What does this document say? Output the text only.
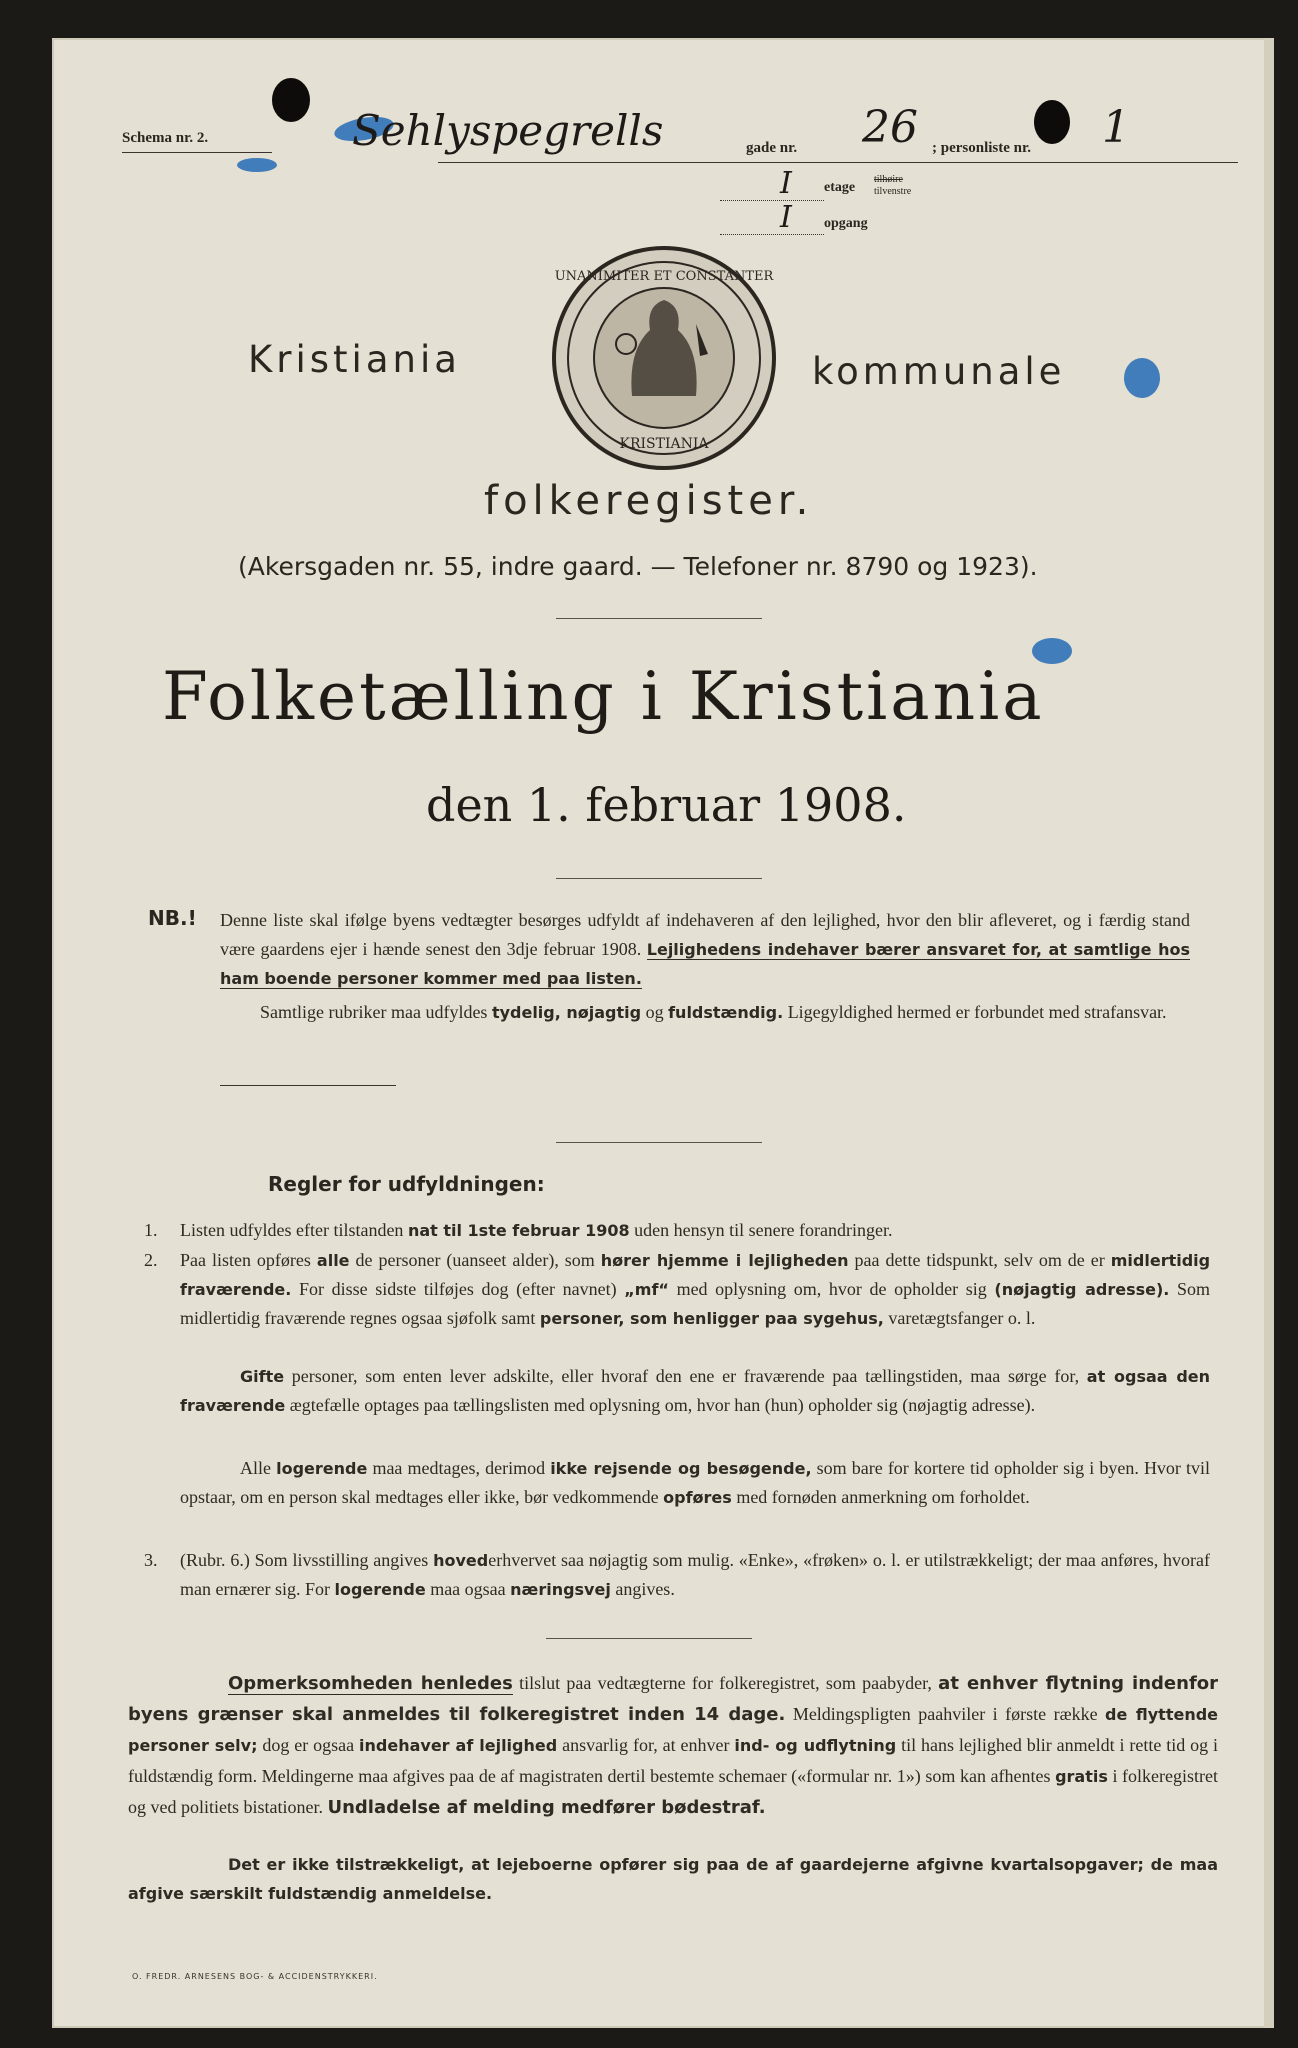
Schema nr. 2.	Sehlyspegrells	gade nr. 26 ; personliste nr. 1
I etage
tilhøire
tilvenstre
I opgang
Kristiania	kommunale
UNANIMITER ET CONSTANTER
KRISTIANIA
folkeregister.
(Akersgaden nr. 55, indre gaard. — Telefoner nr. 8790 og 1923).
Folketælling i Kristiania
den 1. februar 1908.
NB.! Denne liste skal ifølge byens vedtægter besørges udfyldt af indehaveren af den lejlighed, hvor den blir afleveret, og i færdig stand være gaardens ejer i hænde senest den 3dje februar 1908. Lejlighedens indehaver bærer ansvaret for, at samtlige hos ham boende personer kommer med paa listen.
Samtlige rubriker maa udfyldes tydelig, nøjagtig og fuldstændig. Ligegyldighed hermed er forbundet med strafansvar.
Regler for udfyldningen:
1.	Listen udfyldes efter tilstanden nat til 1ste februar 1908 uden hensyn til senere forandringer.
2.	Paa listen opføres alle de personer (uanseet alder), som hører hjemme i lejligheden paa dette tidspunkt, selv om de er midlertidig fraværende. For disse sidste tilføjes dog (efter navnet) „mf“ med oplysning om, hvor de opholder sig (nøjagtig adresse). Som midlertidig fraværende regnes ogsaa sjøfolk samt personer, som henligger paa sygehus, varetægtsfanger o. l.
Gifte personer, som enten lever adskilte, eller hvoraf den ene er fraværende paa tællingstiden, maa sørge for, at ogsaa den fraværende ægtefælle optages paa tællingslisten med oplysning om, hvor han (hun) opholder sig (nøjagtig adresse).
Alle logerende maa medtages, derimod ikke rejsende og besøgende, som bare for kortere tid opholder sig i byen. Hvor tvil opstaar, om en person skal medtages eller ikke, bør vedkommende opføres med fornøden anmerkning om forholdet.
3.	(Rubr. 6.) Som livsstilling angives hovederhvervet saa nøjagtig som mulig. «Enke», «frøken» o. l. er utilstrækkeligt; der maa anføres, hvoraf man ernærer sig. For logerende maa ogsaa næringsvej angives.
Opmerksomheden henledes tilslut paa vedtægterne for folkeregistret, som paabyder, at enhver flytning indenfor byens grænser skal anmeldes til folkeregistret inden 14 dage. Meldingspligten paahviler i første række de flyttende personer selv; dog er ogsaa indehaver af lejlighed ansvarlig for, at enhver ind- og udflytning til hans lejlighed blir anmeldt i rette tid og i fuldstændig form. Meldingerne maa afgives paa de af magistraten dertil bestemte schemaer («formular nr. 1») som kan afhentes gratis i folkeregistret og ved politiets bistationer. Undladelse af melding medfører bødestraf.
Det er ikke tilstrækkeligt, at lejeboerne opfører sig paa de af gaardejerne afgivne kvartalsopgaver; de maa afgive særskilt fuldstændig anmeldelse.
O. FREDR. ARNESENS BOG- & ACCIDENSTRYKKERI.
